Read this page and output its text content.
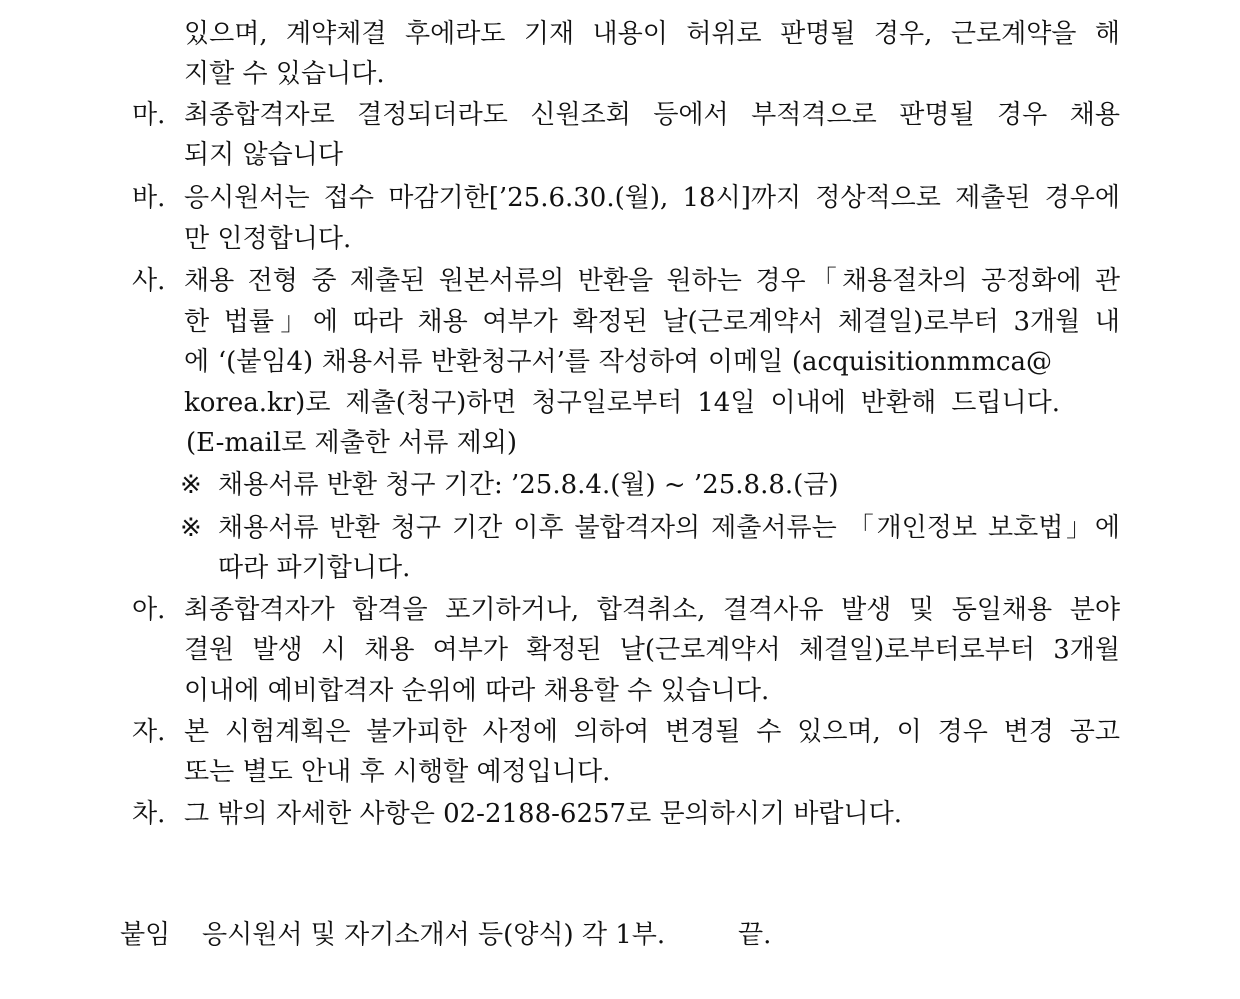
있으며, 계약체결 후에라도 기재 내용이 허위로 판명될 경우, 근로계약을 해
지할 수 있습니다.
마. 최종합격자로 결정되더라도 신원조회 등에서 부적격으로 판명될 경우 채용
되지 않습니다
바. 응시원서는 접수 마감기한[’25.6.30.(월), 18시]까지 정상적으로 제출된 경우에
만 인정합니다.
사. 채용 전형 중 제출된 원본서류의 반환을 원하는 경우「채용절차의 공정화에 관
한 법률」에 따라 채용 여부가 확정된 날(근로계약서 체결일)로부터 3개월 내
에 ‘(붙임4) 채용서류 반환청구서’를 작성하여 이메일 (acquisitionmmca@
korea.kr)로 제출(청구)하면 청구일로부터 14일 이내에 반환해 드립니다.
(E-mail로 제출한 서류 제외)
※ 채용서류 반환 청구 기간: ’25.8.4.(월) ~ ’25.8.8.(금)
※ 채용서류 반환 청구 기간 이후 불합격자의 제출서류는 「개인정보 보호법」에
따라 파기합니다.
아. 최종합격자가 합격을 포기하거나, 합격취소, 결격사유 발생 및 동일채용 분야
결원 발생 시 채용 여부가 확정된 날(근로계약서 체결일)로부터로부터 3개월
이내에 예비합격자 순위에 따라 채용할 수 있습니다.
자. 본 시험계획은 불가피한 사정에 의하여 변경될 수 있으며, 이 경우 변경 공고
또는 별도 안내 후 시행할 예정입니다.
차. 그 밖의 자세한 사항은 02-2188-6257로 문의하시기 바랍니다.
붙임 응시원서 및 자기소개서 등(양식) 각 1부.	끝.
